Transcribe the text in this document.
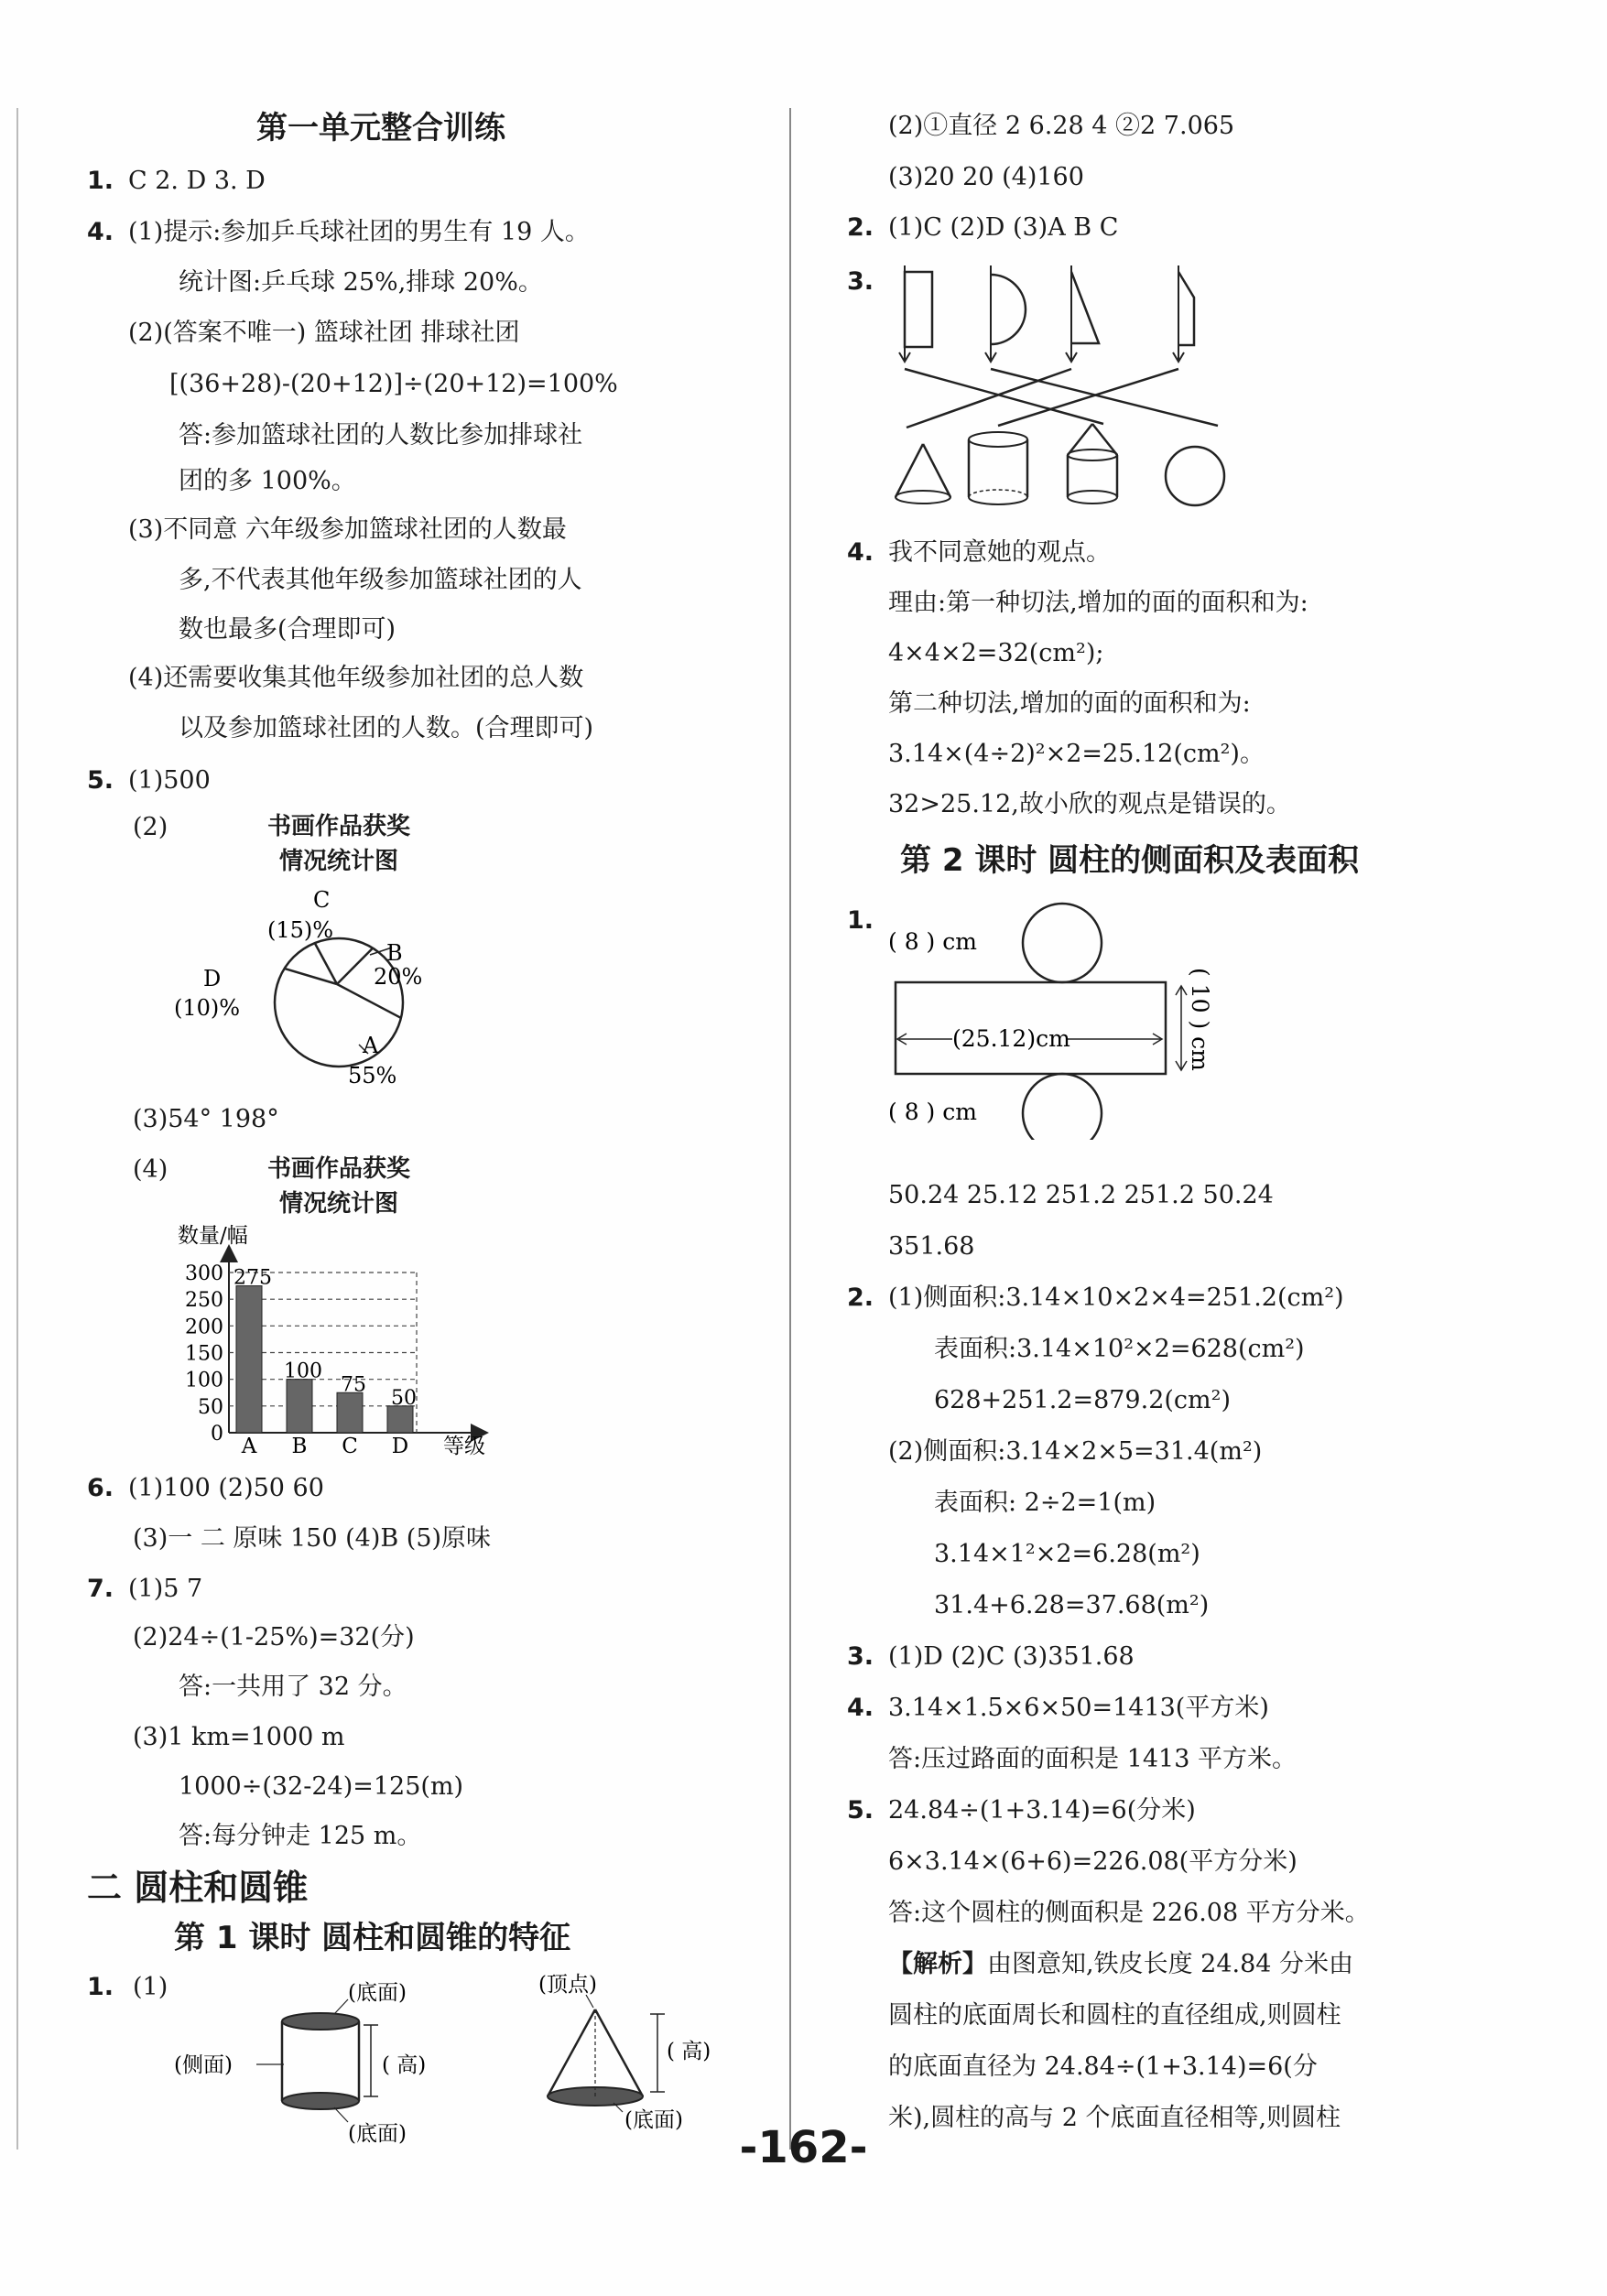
第一单元整合训练
1. C 2. D 3. D
4. (1)提示:参加乒乓球社团的男生有 19 人。
统计图:乒乓球 25%,排球 20%。
(2)(答案不唯一) 篮球社团 排球社团
[(36+28)-(20+12)]÷(20+12)=100%
答:参加篮球社团的人数比参加排球社
团的多 100%。
(3)不同意 六年级参加篮球社团的人数最
多,不代表其他年级参加篮球社团的人
数也最多(合理即可)
(4)还需要收集其他年级参加社团的总人数
以及参加篮球社团的人数。(合理即可)
5. (1)500
(2)	书画作品获奖
情况统计图
C
(15)%
B
20%
D
(10)%
A
55%
(3)54° 198°
(4)	书画作品获奖
情况统计图
数量/幅
0
50
100
150
200
250
300 275
100
75
50
A B C D 等级
6. (1)100 (2)50 60
(3)一 二 原味 150 (4)B (5)原味
7. (1)5 7
(2)24÷(1-25%)=32(分)
答:一共用了 32 分。
(3)1 km=1000 m
1000÷(32-24)=125(m)
答:每分钟走 125 m。
二 圆柱和圆锥
第 1 课时 圆柱和圆锥的特征
1. (1)	(底面)
(侧面)	( 高)
(底面)
(顶点)
( 高)
(底面)
(2)①直径 2 6.28 4 ②2 7.065
(3)20 20 (4)160
2. (1)C (2)D (3)A B C
3.
4. 我不同意她的观点。
理由:第一种切法,增加的面的面积和为:
4×4×2=32(cm²);
第二种切法,增加的面的面积和为:
3.14×(4÷2)²×2=25.12(cm²)。
32>25.12,故小欣的观点是错误的。
第 2 课时 圆柱的侧面积及表面积
1.
( 8 ) cm
( 8 ) cm
(25.12)cm	( 10 ) cm
50.24 25.12 251.2 251.2 50.24
351.68
2. (1)侧面积:3.14×10×2×4=251.2(cm²)
表面积:3.14×10²×2=628(cm²)
628+251.2=879.2(cm²)
(2)侧面积:3.14×2×5=31.4(m²)
表面积: 2÷2=1(m)
3.14×1²×2=6.28(m²)
31.4+6.28=37.68(m²)
3. (1)D (2)C (3)351.68
4. 3.14×1.5×6×50=1413(平方米)
答:压过路面的面积是 1413 平方米。
5. 24.84÷(1+3.14)=6(分米)
6×3.14×(6+6)=226.08(平方分米)
答:这个圆柱的侧面积是 226.08 平方分米。
【解析】由图意知,铁皮长度 24.84 分米由
圆柱的底面周长和圆柱的直径组成,则圆柱
的底面直径为 24.84÷(1+3.14)=6(分
米),圆柱的高与 2 个底面直径相等,则圆柱
-162-
